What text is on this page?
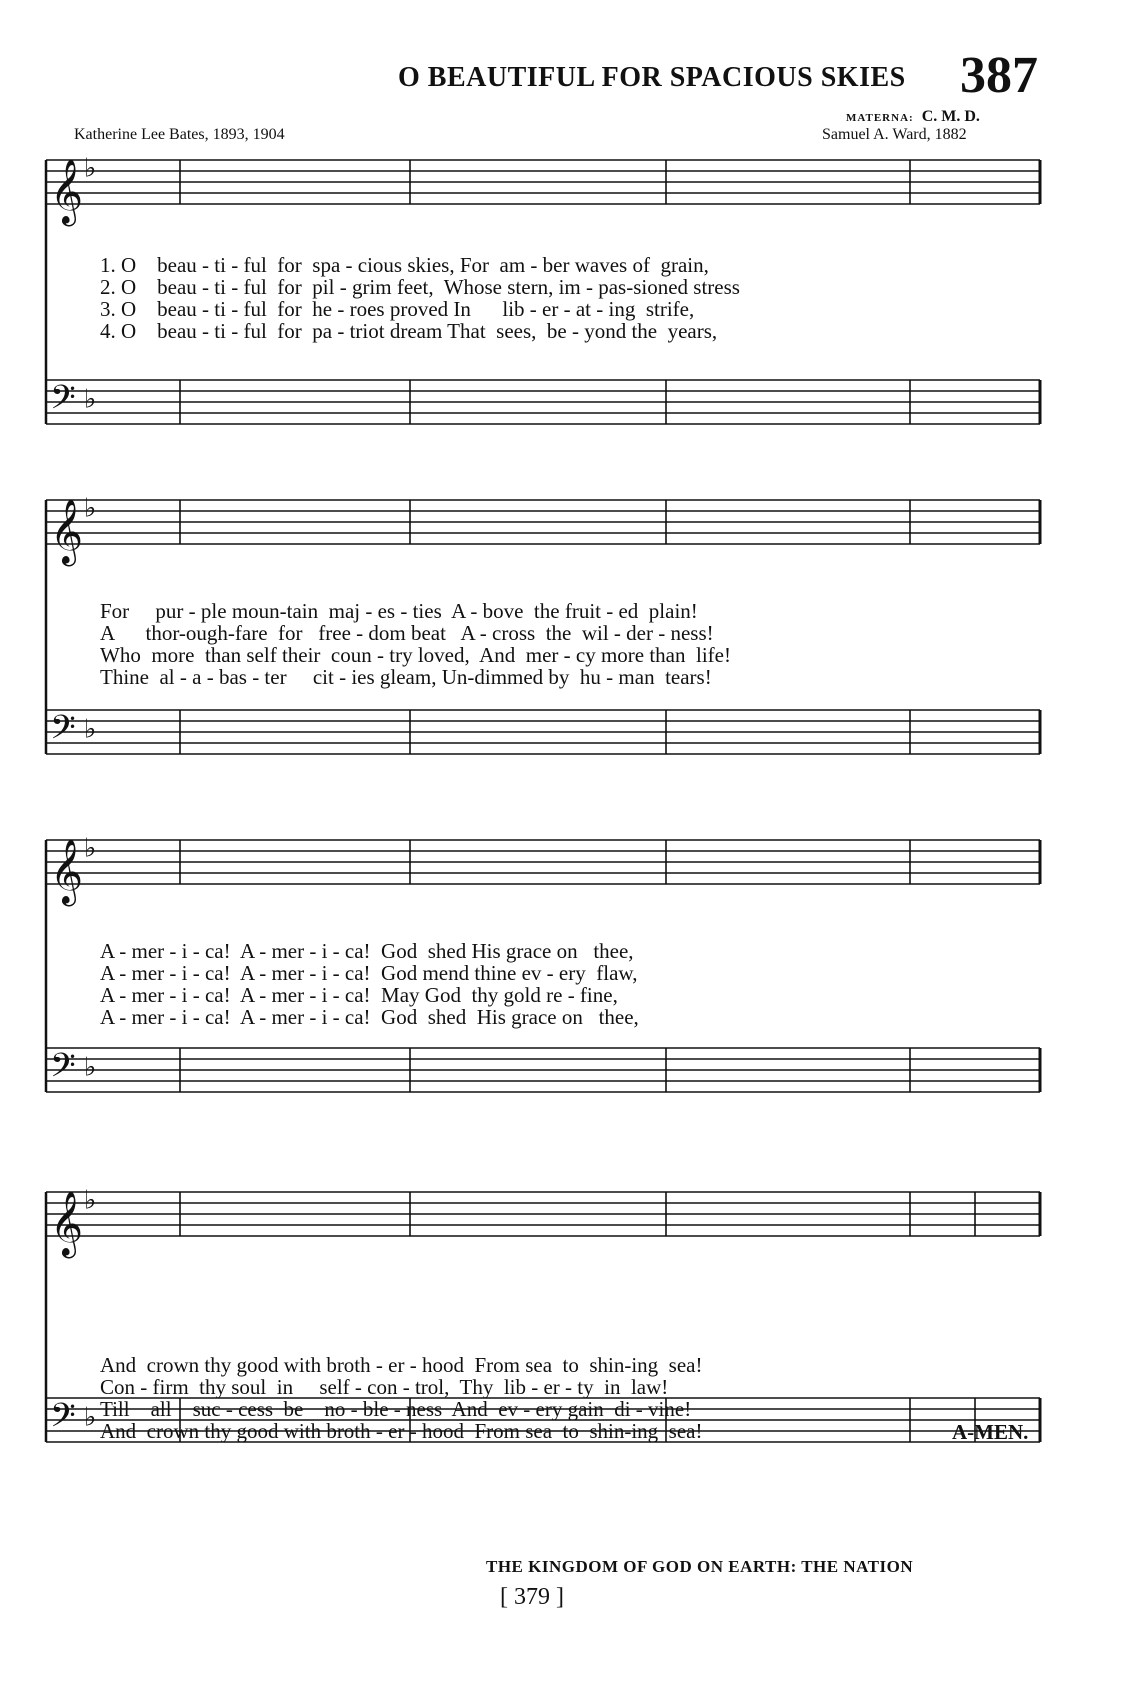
O BEAUTIFUL FOR SPACIOUS SKIES 387
MATERNA: C. M. D.
Katherine Lee Bates, 1893, 1904	Samuel A. Ward, 1882
𝄞 ♭
𝄢 ♭
𝄞 ♭
𝄢 ♭
𝄞 ♭
𝄢 ♭
𝄞 ♭
𝄢 ♭
1. O    beau - ti - ful  for  spa - cious skies, For  am - ber waves of  grain,
2. O    beau - ti - ful  for  pil - grim feet,  Whose stern, im - pas-sioned stress
3. O    beau - ti - ful  for  he - roes proved In      lib - er - at - ing  strife,
4. O    beau - ti - ful  for  pa - triot dream That  sees,  be - yond the  years,
For     pur - ple moun-tain  maj - es - ties  A - bove  the fruit - ed  plain!
A      thor-ough-fare  for   free - dom beat   A - cross  the  wil - der - ness!
Who  more  than self their  coun - try loved,  And  mer - cy more than  life!
Thine  al - a - bas - ter     cit - ies gleam, Un-dimmed by  hu - man  tears!
A - mer - i - ca!  A - mer - i - ca!  God  shed His grace on   thee,
A - mer - i - ca!  A - mer - i - ca!  God mend thine ev - ery  flaw,
A - mer - i - ca!  A - mer - i - ca!  May God  thy gold re - fine,
A - mer - i - ca!  A - mer - i - ca!  God  shed  His grace on   thee,
And  crown thy good with broth - er - hood  From sea  to  shin-ing  sea!
Con - firm  thy soul  in     self - con - trol,  Thy  lib - er - ty  in  law!
Till    all    suc - cess  be    no - ble - ness  And  ev - ery gain  di - vine!
And  crown thy good with broth - er - hood  From sea  to  shin-ing  sea!	A-MEN.
THE KINGDOM OF GOD ON EARTH: THE NATION
[ 379 ]
